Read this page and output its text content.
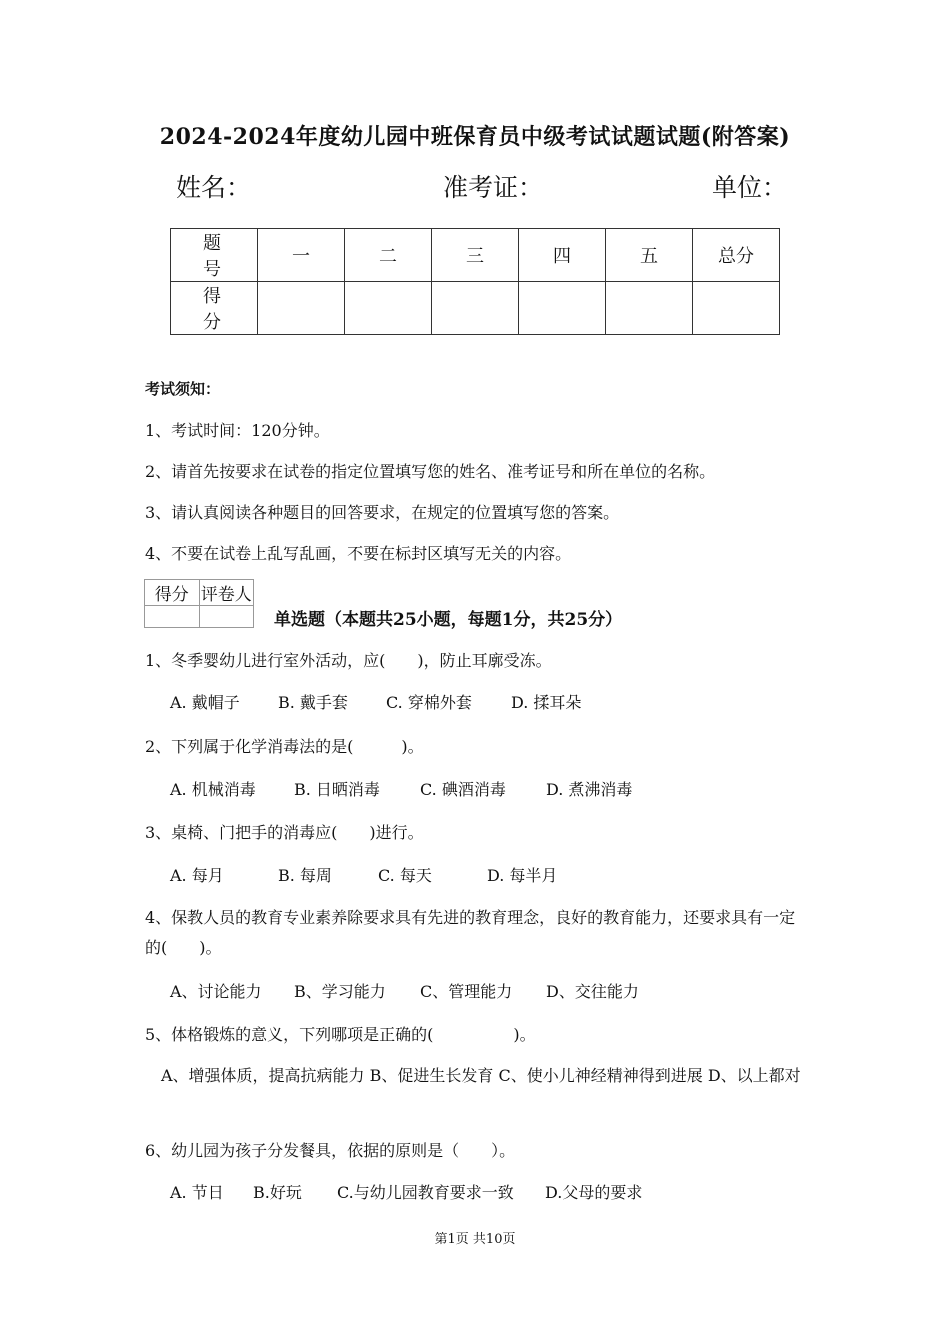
2024-2024年度幼儿园中班保育员中级考试试题试题(附答案)
姓名：	准考证：	单位：
题　号	一	二	三	四	五	总分
得　分						
考试须知：
1、考试时间：120分钟。
2、请首先按要求在试卷的指定位置填写您的姓名、准考证号和所在单位的名称。
3、请认真阅读各种题目的回答要求，在规定的位置填写您的答案。
4、不要在试卷上乱写乱画，不要在标封区填写无关的内容。
得分	评卷人

单选题（本题共25小题，每题1分，共25分）
1、冬季婴幼儿进行室外活动，应(　　)，防止耳廓受冻。
A. 戴帽子 B. 戴手套 C. 穿棉外套 D. 揉耳朵
2、下列属于化学消毒法的是(　　　)。
A. 机械消毒 B. 日晒消毒	C. 碘酒消毒	D. 煮沸消毒
3、桌椅、门把手的消毒应(　　)进行。
A. 每月	B. 每周	C. 每天	D. 每半月
4、保教人员的教育专业素养除要求具有先进的教育理念，良好的教育能力，还要求具有一定的(　　)。
A、讨论能力 B、学习能力 C、管理能力 D、交往能力
5、体格锻炼的意义，下列哪项是正确的(　　　　　)。
　A、增强体质，提高抗病能力 B、促进生长发育 C、使小儿神经精神得到进展 D、以上都对
6、幼儿园为孩子分发餐具，依据的原则是（　　）。
A. 节日 B.好玩 C.与幼儿园教育要求一致 D.父母的要求
第1页 共10页
